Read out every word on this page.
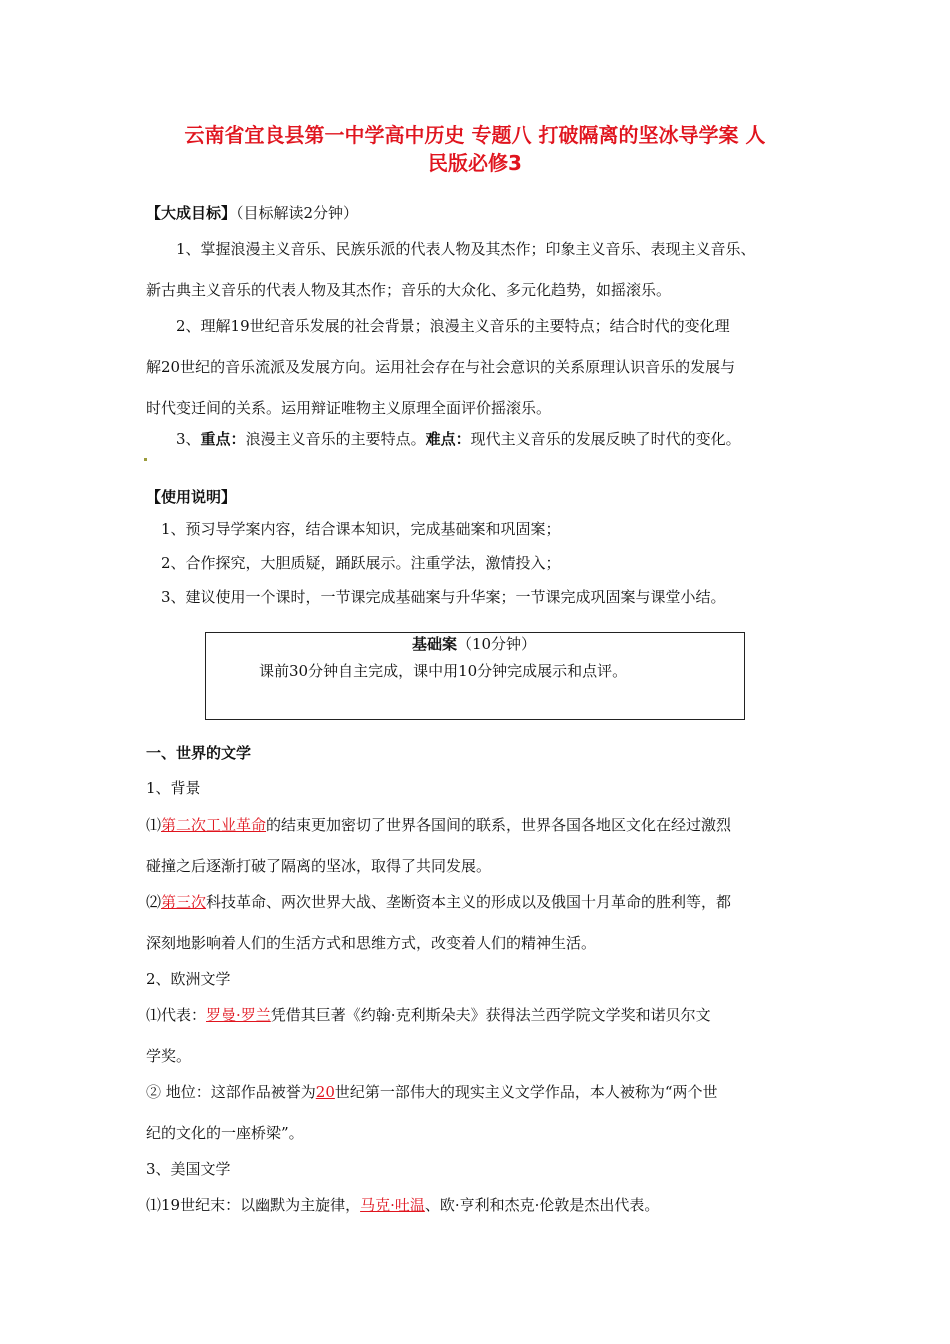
云南省宜良县第一中学高中历史 专题八 打破隔离的坚冰导学案 人
民版必修3
【大成目标】（目标解读2分钟）
1、掌握浪漫主义音乐、民族乐派的代表人物及其杰作；印象主义音乐、表现主义音乐、
新古典主义音乐的代表人物及其杰作；音乐的大众化、多元化趋势，如摇滚乐。
2、理解19世纪音乐发展的社会背景；浪漫主义音乐的主要特点；结合时代的变化理
解20世纪的音乐流派及发展方向。运用社会存在与社会意识的关系原理认识音乐的发展与
时代变迁间的关系。运用辩证唯物主义原理全面评价摇滚乐。
3、重点：浪漫主义音乐的主要特点。难点：现代主义音乐的发展反映了时代的变化。
【使用说明】
1、预习导学案内容，结合课本知识，完成基础案和巩固案；
2、合作探究，大胆质疑，踊跃展示。注重学法，激情投入；
3、建议使用一个课时，一节课完成基础案与升华案；一节课完成巩固案与课堂小结。
基础案（10分钟）
课前30分钟自主完成，课中用10分钟完成展示和点评。
一、世界的文学
1、背景
⑴第二次工业革命的结束更加密切了世界各国间的联系，世界各国各地区文化在经过激烈
碰撞之后逐渐打破了隔离的坚冰，取得了共同发展。
⑵第三次科技革命、两次世界大战、垄断资本主义的形成以及俄国十月革命的胜利等，都
深刻地影响着人们的生活方式和思维方式，改变着人们的精神生活。
2、欧洲文学
⑴代表：罗曼·罗兰凭借其巨著《约翰·克利斯朵夫》获得法兰西学院文学奖和诺贝尔文
学奖。
② 地位：这部作品被誉为20世纪第一部伟大的现实主义文学作品，本人被称为“两个世
纪的文化的一座桥梁”。
3、美国文学
⑴19世纪末：以幽默为主旋律，马克·吐温、欧·亨利和杰克·伦敦是杰出代表。
